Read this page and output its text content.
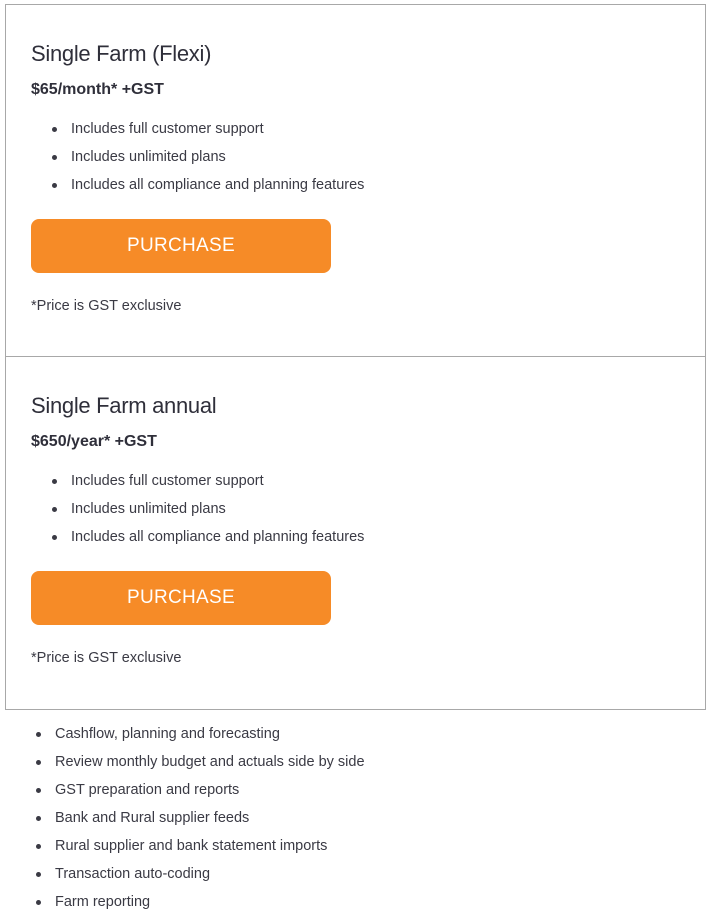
Single Farm (Flexi)
$65/month* +GST
Includes full customer support
Includes unlimited plans
Includes all compliance and planning features
PURCHASE
*Price is GST exclusive
Single Farm annual
$650/year* +GST
Includes full customer support
Includes unlimited plans
Includes all compliance and planning features
PURCHASE
*Price is GST exclusive
Cashflow, planning and forecasting
Review monthly budget and actuals side by side
GST preparation and reports
Bank and Rural supplier feeds
Rural supplier and bank statement imports
Transaction auto-coding
Farm reporting
